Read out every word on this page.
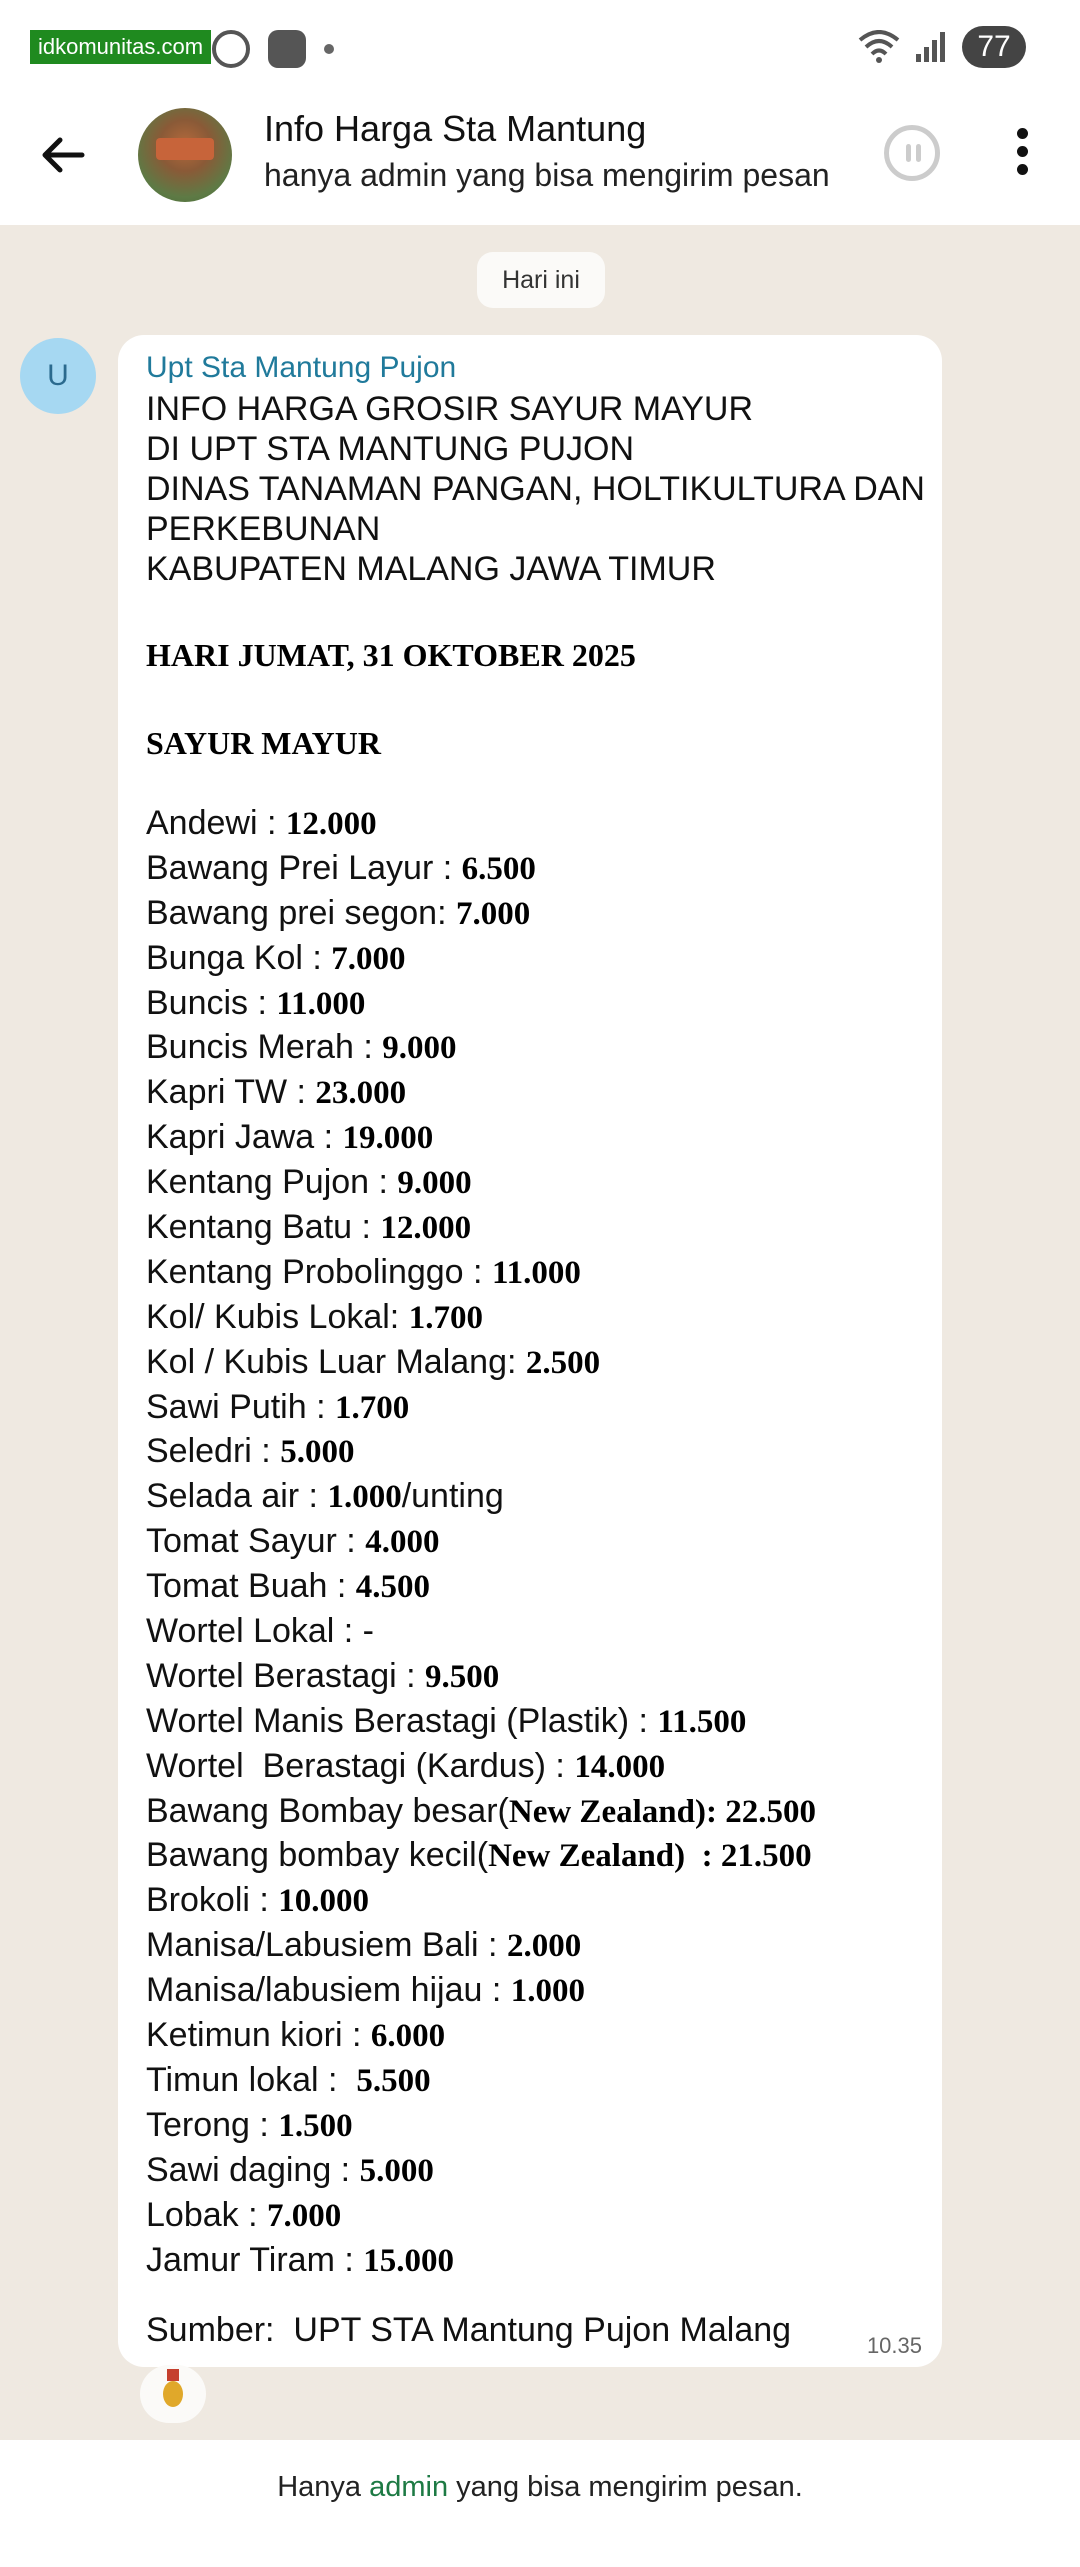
idkomunitas.com	77
Info Harga Sta Mantung
hanya admin yang bisa mengirim pesan
Hari ini
U	Upt Sta Mantung Pujon
INFO HARGA GROSIR SAYUR MAYUR
DI UPT STA MANTUNG PUJON
DINAS TANAMAN PANGAN, HOLTIKULTURA DAN
PERKEBUNAN
KABUPATEN MALANG JAWA TIMUR
HARI JUMAT, 31 OKTOBER 2025
SAYUR MAYUR
Andewi : 12.000
Bawang Prei Layur : 6.500
Bawang prei segon: 7.000
Bunga Kol : 7.000
Buncis : 11.000
Buncis Merah : 9.000
Kapri TW : 23.000
Kapri Jawa : 19.000
Kentang Pujon : 9.000
Kentang Batu : 12.000
Kentang Probolinggo : 11.000
Kol/ Kubis Lokal: 1.700
Kol / Kubis Luar Malang: 2.500
Sawi Putih : 1.700
Seledri : 5.000
Selada air : 1.000/unting
Tomat Sayur : 4.000
Tomat Buah : 4.500
Wortel Lokal : -
Wortel Berastagi : 9.500
Wortel Manis Berastagi (Plastik) : 11.500
Wortel  Berastagi (Kardus) : 14.000
Bawang Bombay besar(New Zealand): 22.500
Bawang bombay kecil(New Zealand)  : 21.500
Brokoli : 10.000
Manisa/Labusiem Bali : 2.000
Manisa/labusiem hijau : 1.000
Ketimun kiori : 6.000
Timun lokal :  5.500
Terong : 1.500
Sawi daging : 5.000
Lobak : 7.000
Jamur Tiram : 15.000
Sumber:  UPT STA Mantung Pujon Malang	10.35
Hanya admin yang bisa mengirim pesan.
